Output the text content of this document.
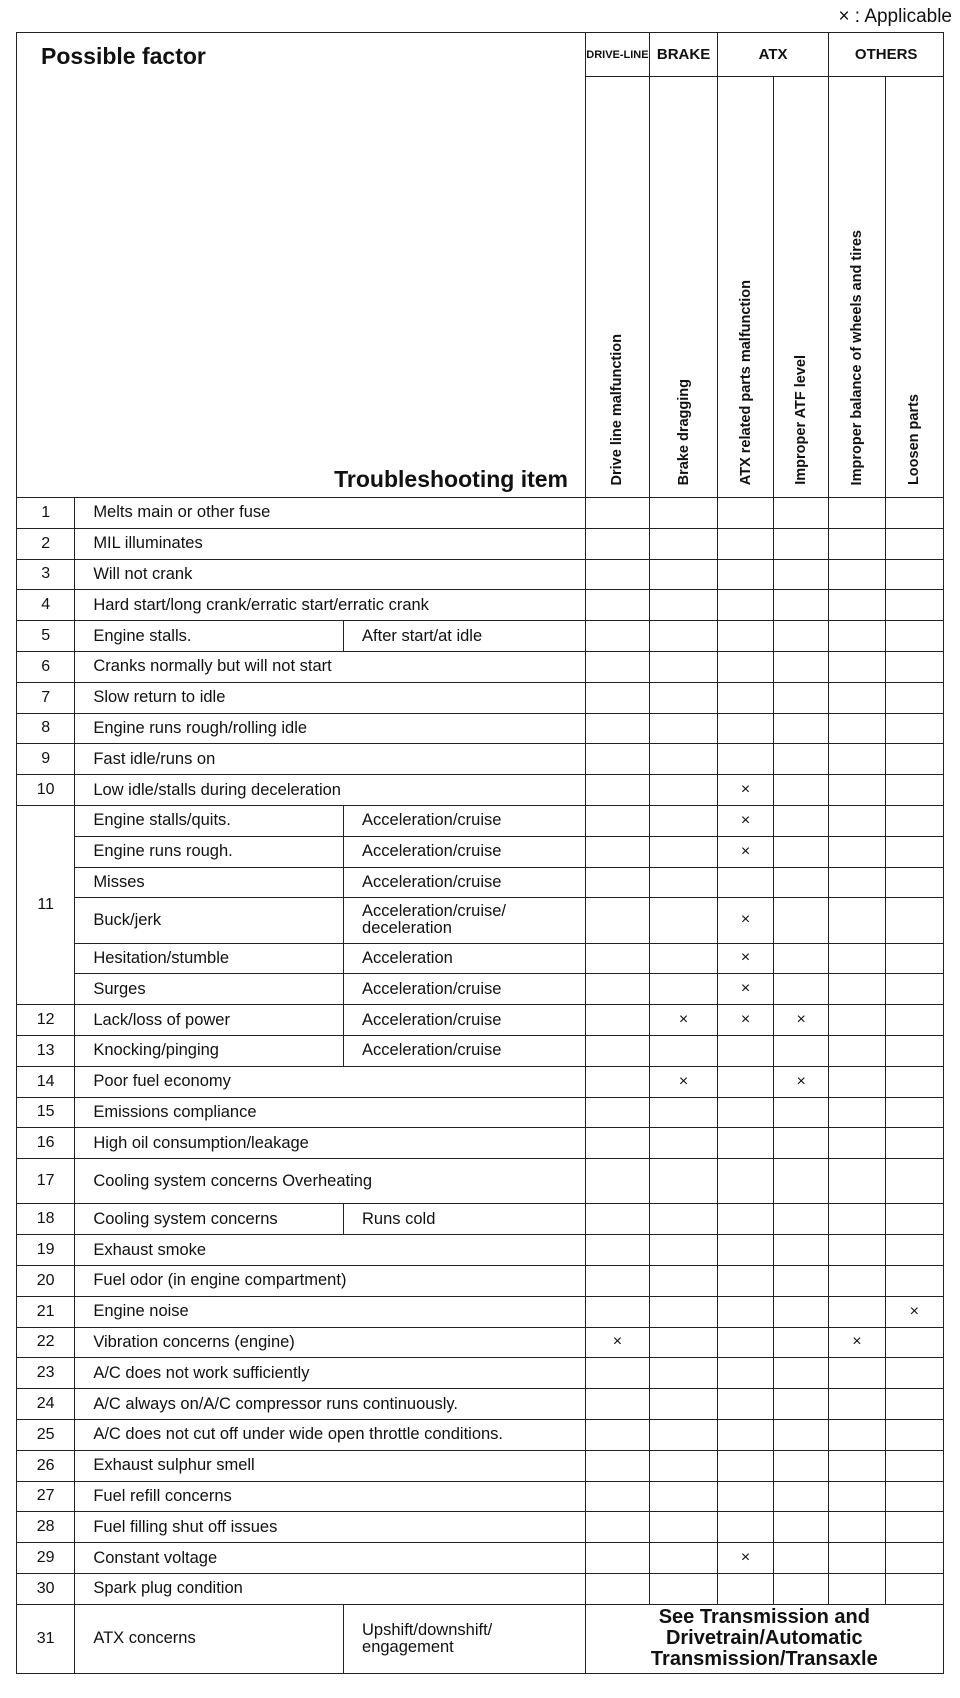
× : Applicable
Possible factor			DRIVE-LINE	BRAKE	ATX		OTHERS	

			Drive line malfunction	Brake dragging	ATX related parts malfunction	Improper ATF level	Improper balance of wheels and tires	Loosen parts

1	Melts main or other fuse							
2	MIL illuminates							
3	Will not crank							
4	Hard start/long crank/erratic start/erratic crank							
5	Engine stalls.	After start/at idle						
6	Cranks normally but will not start							
7	Slow return to idle							
8	Engine runs rough/rolling idle							
9	Fast idle/runs on							
10	Low idle/stalls during deceleration				×			
11	Engine stalls/quits.	Acceleration/cruise			×			
	Engine runs rough.	Acceleration/cruise			×			
	Misses	Acceleration/cruise						
	Buck/jerk	Acceleration/cruise/ deceleration			×			
	Hesitation/stumble	Acceleration			×			
	Surges	Acceleration/cruise			×			
12	Lack/loss of power	Acceleration/cruise		×	×	×		
13	Knocking/pinging	Acceleration/cruise						
14	Poor fuel economy			×		×		
15	Emissions compliance							
16	High oil consumption/leakage							
17	Cooling system concerns Overheating							
18	Cooling system concerns	Runs cold						
19	Exhaust smoke							
20	Fuel odor (in engine compartment)							
21	Engine noise							×
22	Vibration concerns (engine)		×				×	
23	A/C does not work sufficiently							
24	A/C always on/A/C compressor runs continuously.							
25	A/C does not cut off under wide open throttle conditions.							
26	Exhaust sulphur smell							
27	Fuel refill concerns							
28	Fuel filling shut off issues							
29	Constant voltage				×			
30	Spark plug condition							
31	ATX concerns	Upshift/downshift/ engagement	See Transmission and
Drivetrain/Automatic
Transmission/Transaxle					
Troubleshooting item
